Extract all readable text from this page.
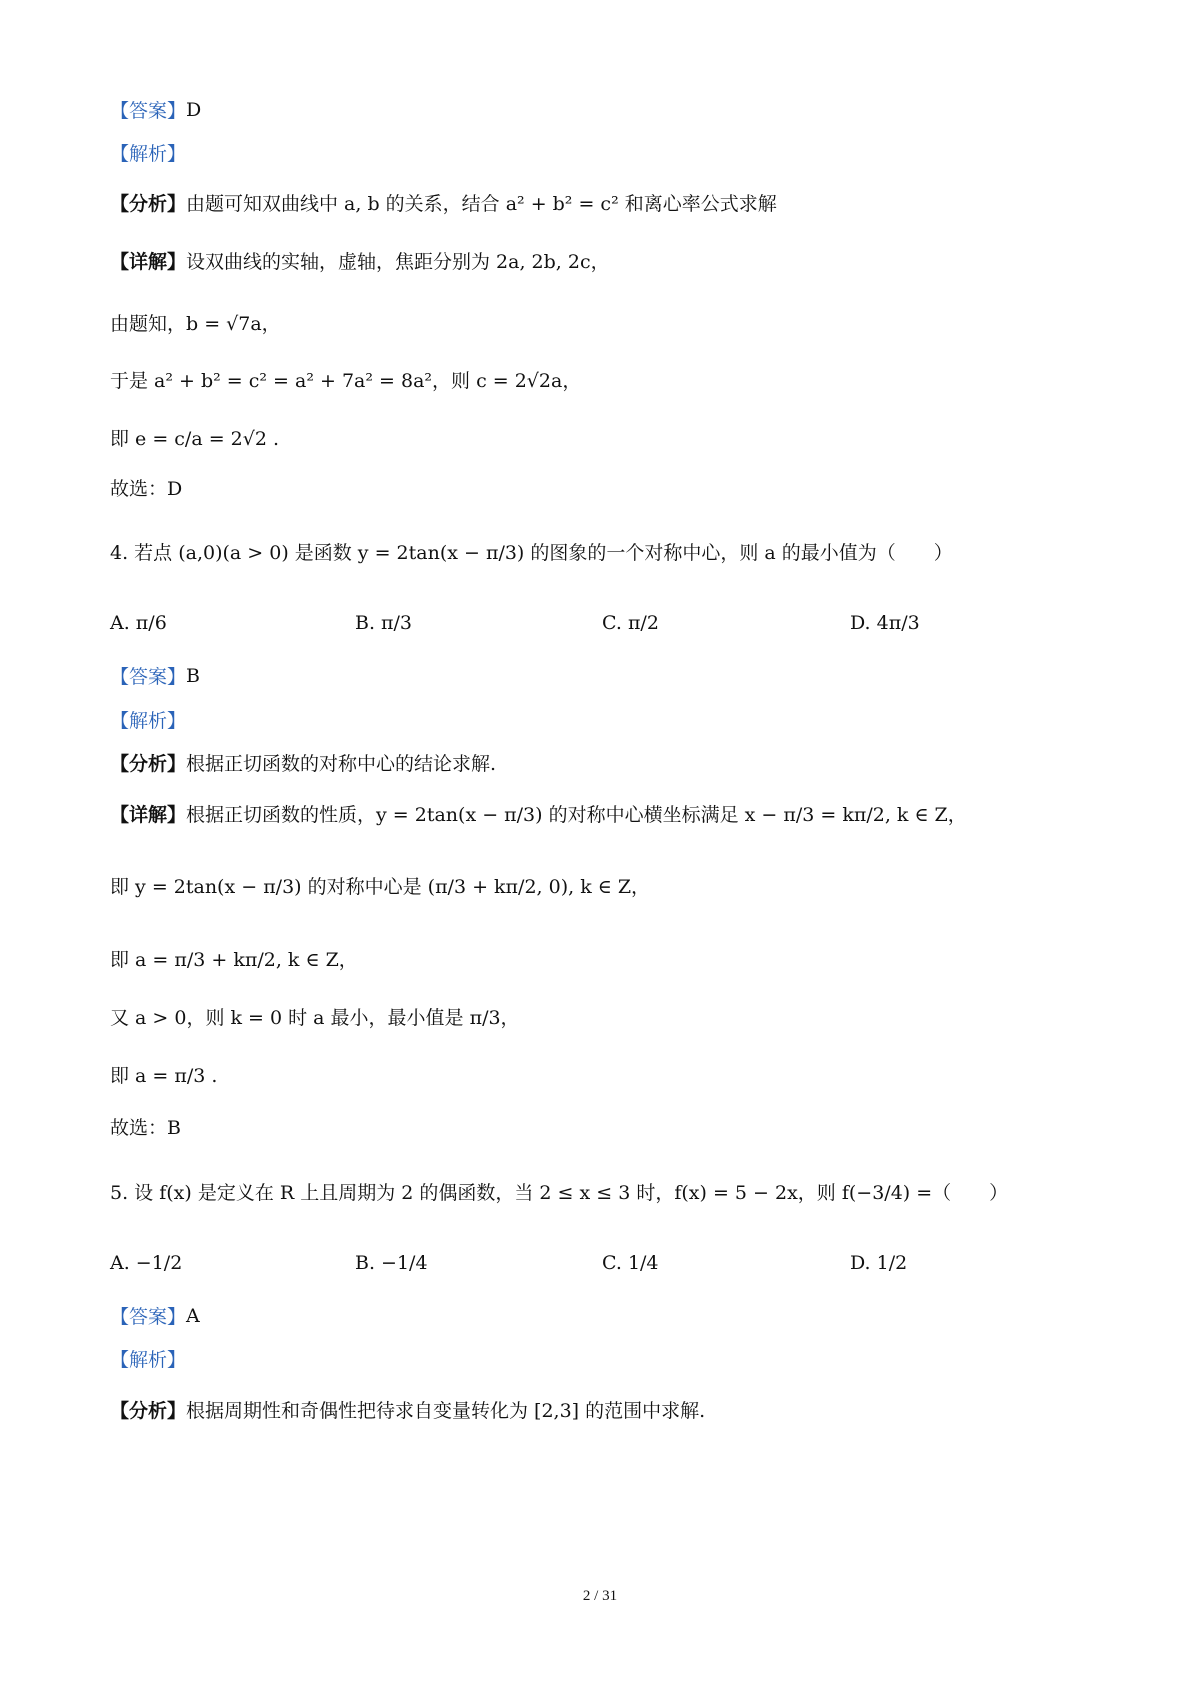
【答案】 D
【解析】
【分析】 由题可知双曲线中 a, b 的关系，结合 a² + b² = c² 和离心率公式求解
【详解】 设双曲线的实轴，虚轴，焦距分别为 2a, 2b, 2c，
由题知，b = √7a，
于是 a² + b² = c² = a² + 7a² = 8a²，则 c = 2√2a，
即 e = c/a = 2√2 .
故选：D
4. 若点 (a,0)(a > 0) 是函数 y = 2tan(x − π/3) 的图象的一个对称中心，则 a 的最小值为（　　）
A. π/6	B. π/3	C. π/2	D. 4π/3
【答案】 B
【解析】
【分析】 根据正切函数的对称中心的结论求解.
【详解】 根据正切函数的性质，y = 2tan(x − π/3) 的对称中心横坐标满足 x − π/3 = kπ/2, k ∈ Z，
即 y = 2tan(x − π/3) 的对称中心是 (π/3 + kπ/2, 0), k ∈ Z，
即 a = π/3 + kπ/2, k ∈ Z，
又 a > 0，则 k = 0 时 a 最小，最小值是 π/3，
即 a = π/3 .
故选：B
5. 设 f(x) 是定义在 R 上且周期为 2 的偶函数，当 2 ≤ x ≤ 3 时，f(x) = 5 − 2x，则 f(−3/4) =（　　）
A. −1/2	B. −1/4	C. 1/4	D. 1/2
【答案】 A
【解析】
【分析】 根据周期性和奇偶性把待求自变量转化为 [2,3] 的范围中求解.
2 / 31
